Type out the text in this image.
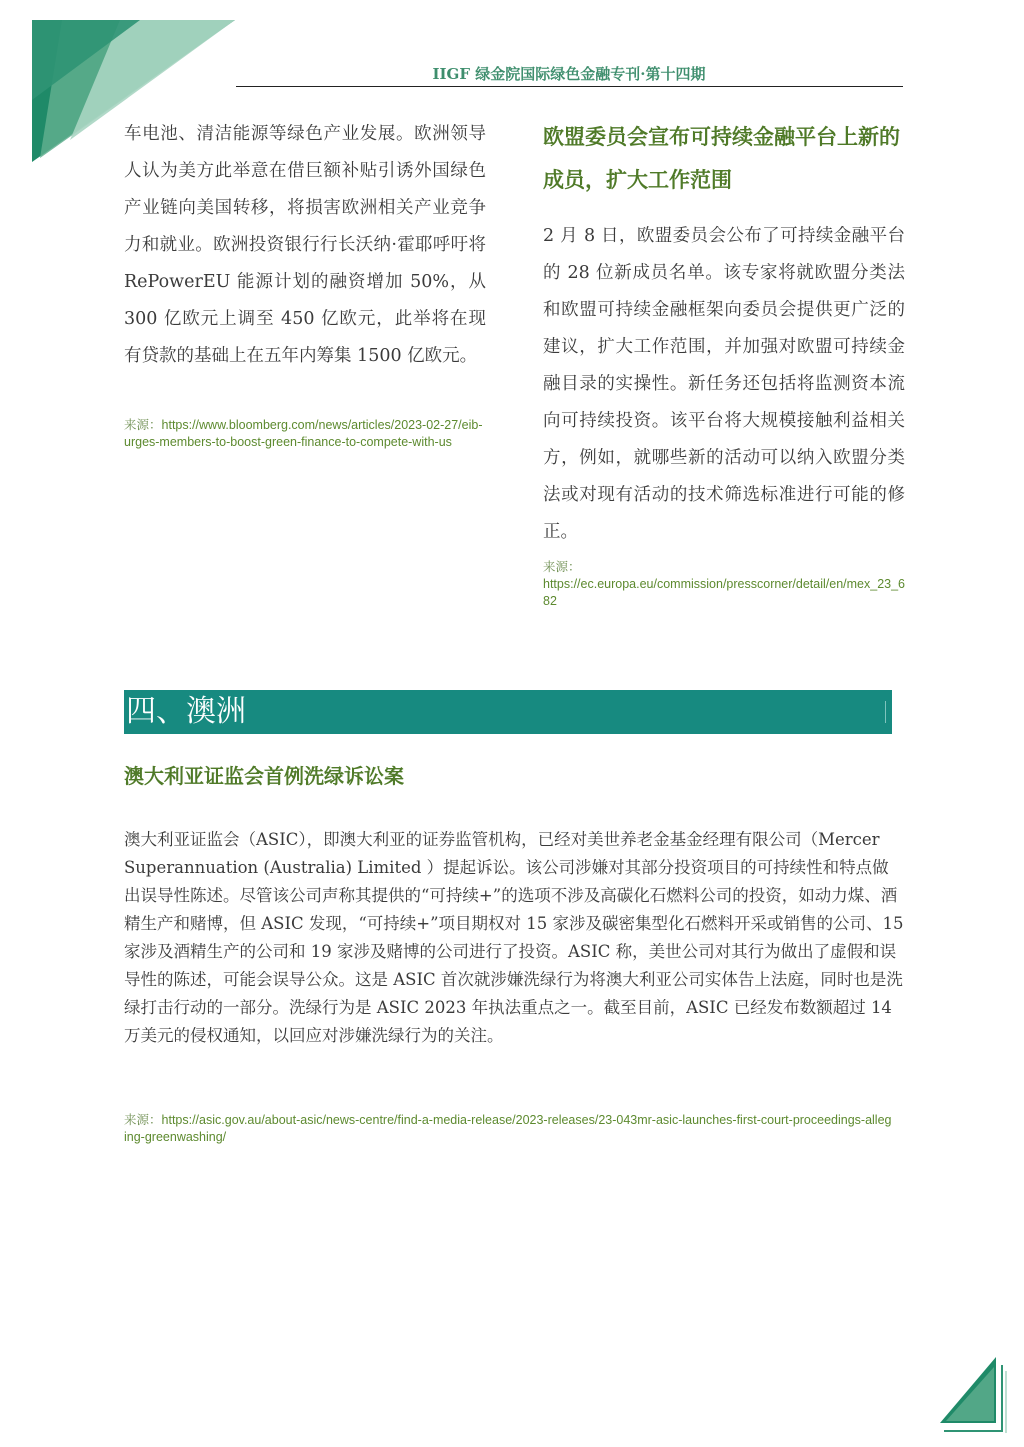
IIGF 绿金院国际绿色金融专刊·第十四期

车电池、清洁能源等绿色产业发展。欧洲领导人认为美方此举意在借巨额补贴引诱外国绿色产业链向美国转移，将损害欧洲相关产业竞争力和就业。欧洲投资银行行长沃纳·霍耶呼吁将 RePowerEU 能源计划的融资增加 50%，从 300 亿欧元上调至 450 亿欧元，此举将在现有贷款的基础上在五年内筹集 1500 亿欧元。

来源：https://www.bloomberg.com/news/articles/2023-02-27/eib-urges-members-to-boost-green-finance-to-compete-with-us
欧盟委员会宣布可持续金融平台上新的成员，扩大工作范围

2 月 8 日，欧盟委员会公布了可持续金融平台的 28 位新成员名单。该专家将就欧盟分类法和欧盟可持续金融框架向委员会提供更广泛的建议，扩大工作范围，并加强对欧盟可持续金融目录的实操性。新任务还包括将监测资本流向可持续投资。该平台将大规模接触利益相关方，例如，就哪些新的活动可以纳入欧盟分类法或对现有活动的技术筛选标准进行可能的修正。

来源：
https://ec.europa.eu/commission/presscorner/detail/en/mex_23_682
四、澳洲
澳大利亚证监会首例洗绿诉讼案

澳大利亚证监会（ASIC），即澳大利亚的证券监管机构，已经对美世养老金基金经理有限公司（Mercer Superannuation (Australia) Limited ）提起诉讼。该公司涉嫌对其部分投资项目的可持续性和特点做出误导性陈述。尽管该公司声称其提供的“可持续+”的选项不涉及高碳化石燃料公司的投资，如动力煤、酒精生产和赌博，但 ASIC 发现，“可持续+”项目期权对 15 家涉及碳密集型化石燃料开采或销售的公司、15 家涉及酒精生产的公司和 19 家涉及赌博的公司进行了投资。ASIC 称，美世公司对其行为做出了虚假和误导性的陈述，可能会误导公众。这是 ASIC 首次就涉嫌洗绿行为将澳大利亚公司实体告上法庭，同时也是洗绿打击行动的一部分。洗绿行为是 ASIC 2023 年执法重点之一。截至目前，ASIC 已经发布数额超过 14 万美元的侵权通知，以回应对涉嫌洗绿行为的关注。

来源：https://asic.gov.au/about-asic/news-centre/find-a-media-release/2023-releases/23-043mr-asic-launches-first-court-proceedings-alleging-greenwashing/
